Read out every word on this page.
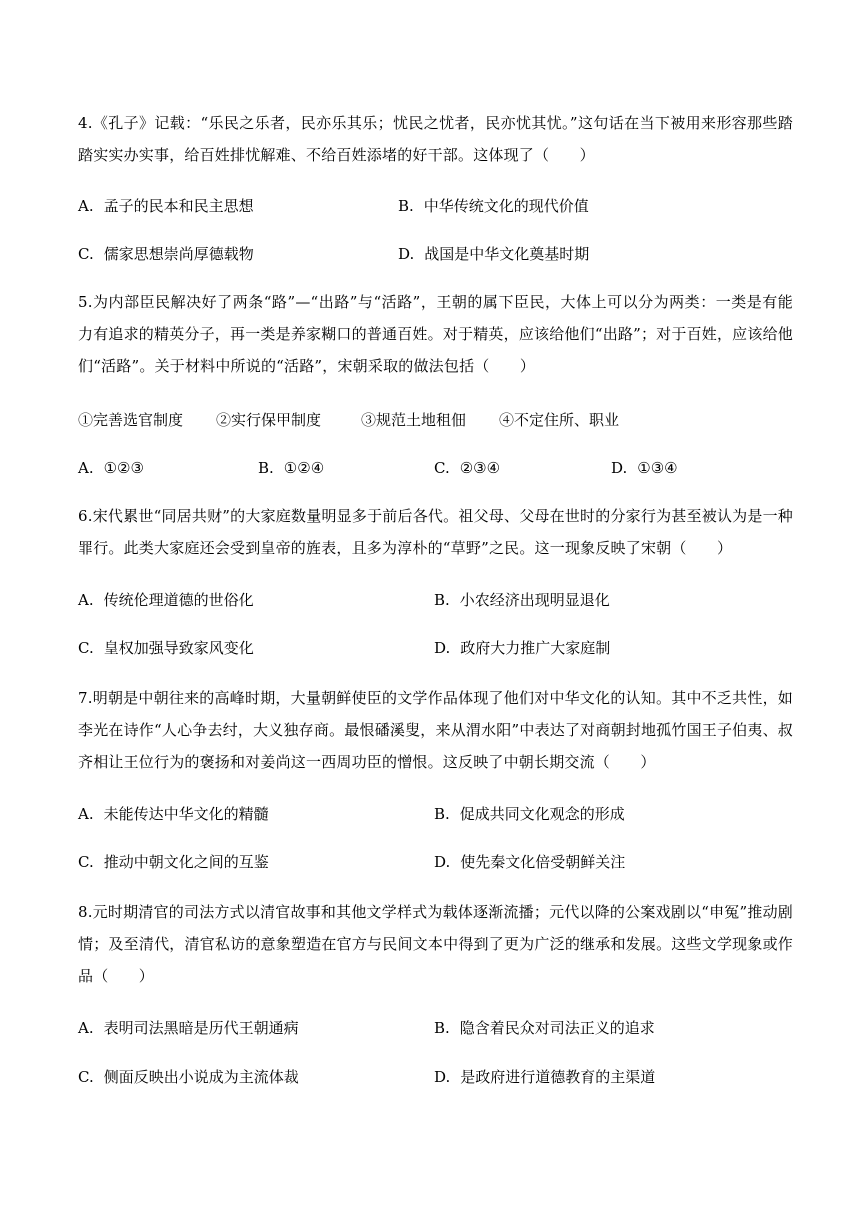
4.《孔子》记载：“乐民之乐者，民亦乐其乐；忧民之忧者，民亦忧其忧。”这句话在当下被用来形容那些踏踏实实办实事，给百姓排忧解难、不给百姓添堵的好干部。这体现了（　　）
A. 孟子的民本和民主思想	B. 中华传统文化的现代价值
C. 儒家思想崇尚厚德载物	D. 战国是中华文化奠基时期
5.为内部臣民解决好了两条“路”—“出路”与“活路”，王朝的属下臣民，大体上可以分为两类：一类是有能力有追求的精英分子，再一类是养家糊口的普通百姓。对于精英，应该给他们“出路”；对于百姓，应该给他们“活路”。关于材料中所说的“活路”，宋朝采取的做法包括（　　）
①完善选官制度 ②实行保甲制度	③规范土地租佃 ④不定住所、职业
A. ①②③	B. ①②④	C. ②③④	D. ①③④
6.宋代累世“同居共财”的大家庭数量明显多于前后各代。祖父母、父母在世时的分家行为甚至被认为是一种罪行。此类大家庭还会受到皇帝的旌表，且多为淳朴的“草野”之民。这一现象反映了宋朝（　　）
A. 传统伦理道德的世俗化	B. 小农经济出现明显退化
C. 皇权加强导致家风变化	D. 政府大力推广大家庭制
7.明朝是中朝往来的高峰时期，大量朝鲜使臣的文学作品体现了他们对中华文化的认知。其中不乏共性，如李光在诗作“人心争去纣，大义独存商。最恨磻溪叟，来从渭水阳”中表达了对商朝封地孤竹国王子伯夷、叔齐相让王位行为的褒扬和对姜尚这一西周功臣的憎恨。这反映了中朝长期交流（　　）
A. 未能传达中华文化的精髓	B. 促成共同文化观念的形成
C. 推动中朝文化之间的互鉴	D. 使先秦文化倍受朝鲜关注
8.元时期清官的司法方式以清官故事和其他文学样式为载体逐渐流播；元代以降的公案戏剧以“申冤”推动剧情；及至清代，清官私访的意象塑造在官方与民间文本中得到了更为广泛的继承和发展。这些文学现象或作品（　　）
A. 表明司法黑暗是历代王朝通病	B. 隐含着民众对司法正义的追求
C. 侧面反映出小说成为主流体裁	D. 是政府进行道德教育的主渠道
